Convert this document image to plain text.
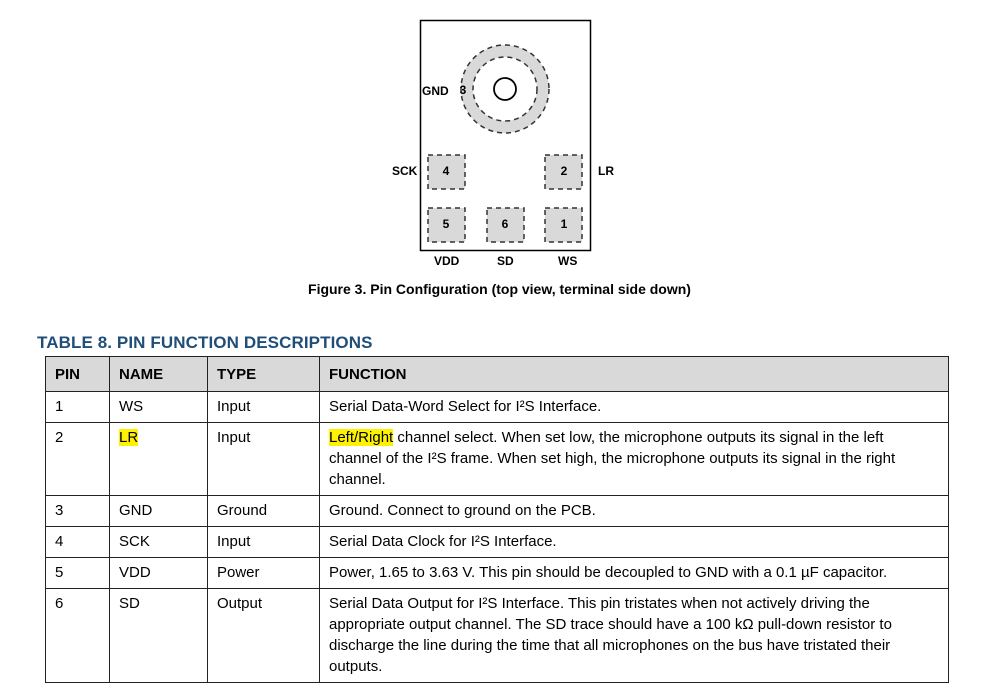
3
4	2
5	6	1
GND
SCK	LR
VDD	SD	WS
Figure 3. Pin Configuration (top view, terminal side down)
TABLE 8. PIN FUNCTION DESCRIPTIONS
PIN	NAME	TYPE	FUNCTION
1	WS	Input	Serial Data-Word Select for I²S Interface.
2	LR	Input	Left/Right channel select. When set low, the microphone outputs its signal in the left channel of the I²S frame. When set high, the microphone outputs its signal in the right channel.
3	GND	Ground	Ground. Connect to ground on the PCB.
4	SCK	Input	Serial Data Clock for I²S Interface.
5	VDD	Power	Power, 1.65 to 3.63 V. This pin should be decoupled to GND with a 0.1 µF capacitor.
6	SD	Output	Serial Data Output for I²S Interface. This pin tristates when not actively driving the appropriate output channel. The SD trace should have a 100 kΩ pull-down resistor to discharge the line during the time that all microphones on the bus have tristated their outputs.
